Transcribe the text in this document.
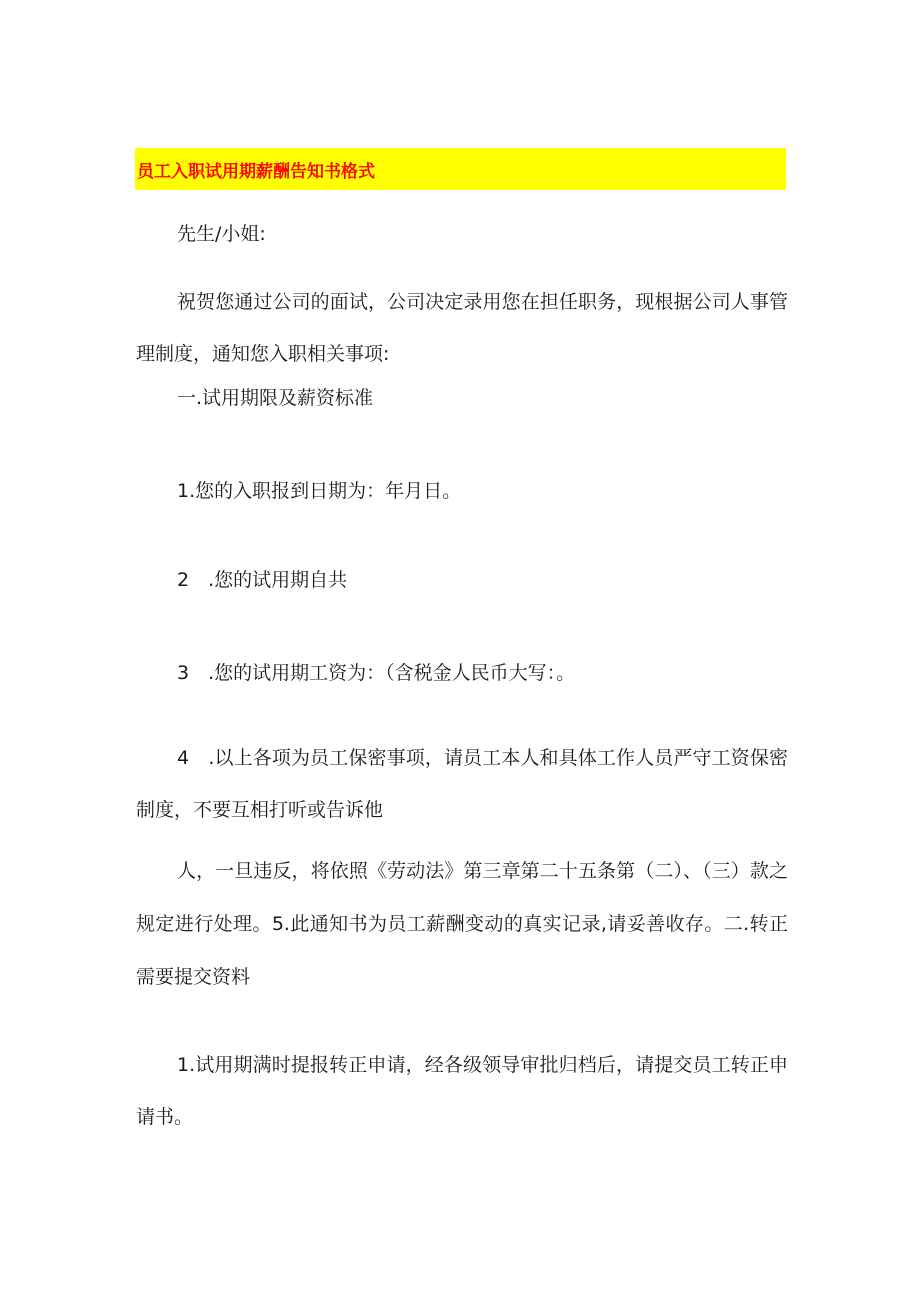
员工入职试用期薪酬告知书格式
先生/小姐:
祝贺您通过公司的面试，公司决定录用您在担任职务，现根据公司人事管理制度，通知您入职相关事项:
一.试用期限及薪资标准
1.您的入职报到日期为：年月日。
2　.您的试用期自共
3　.您的试用期工资为：（含税金人民币大写：。
4　.以上各项为员工保密事项，请员工本人和具体工作人员严守工资保密制度，不要互相打听或告诉他
人，一旦违反，将依照《劳动法》第三章第二十五条第（二）、（三）款之规定进行处理。5.此通知书为员工薪酬变动的真实记录,请妥善收存。二.转正需要提交资料
1.试用期满时提报转正申请，经各级领导审批归档后，请提交员工转正申请书。
